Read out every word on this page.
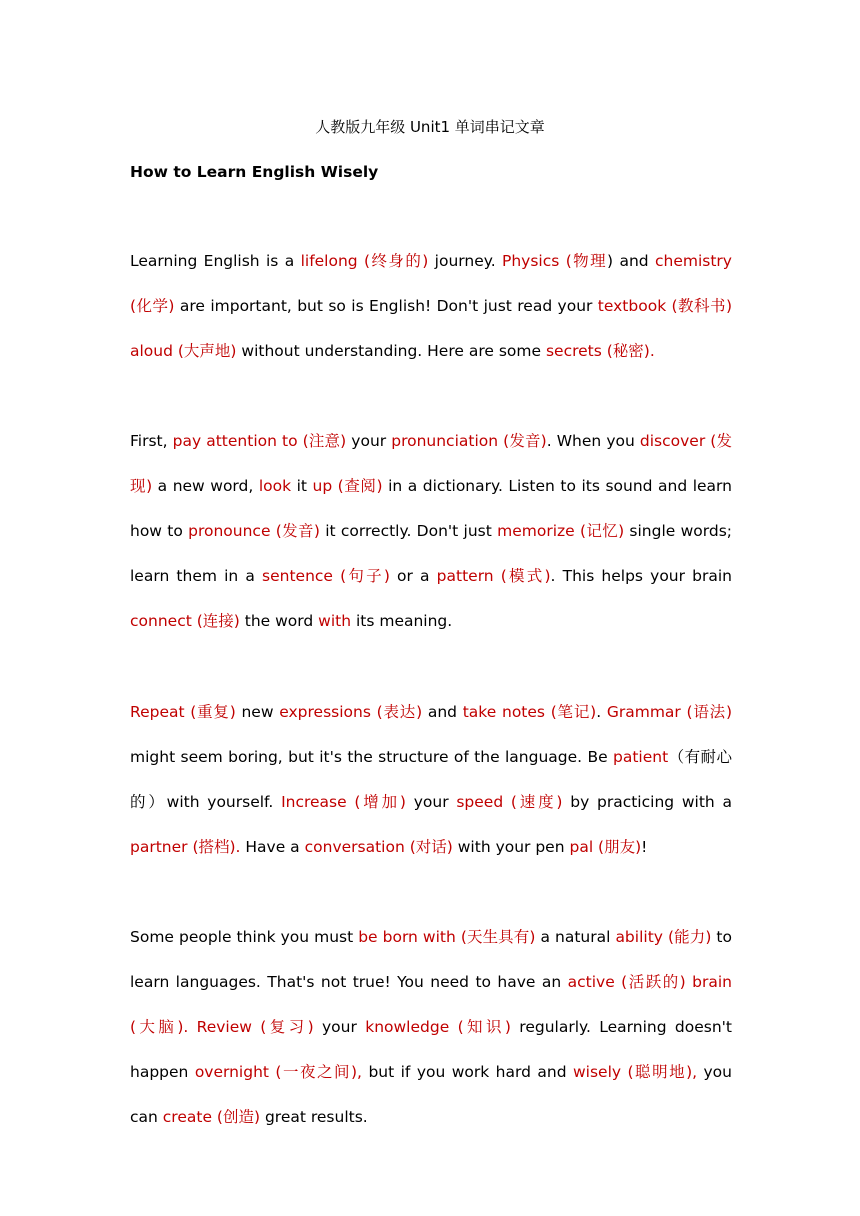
人教版九年级 Unit1 单词串记文章
How to Learn English Wisely
Learning English is a lifelong (终身的) journey. Physics (物理) and chemistry (化学) are important, but so is English! Don't just read your textbook (教科书) aloud (大声地) without understanding. Here are some secrets (秘密).
First, pay attention to (注意) your pronunciation (发音). When you discover (发现) a new word, look it up (查阅) in a dictionary. Listen to its sound and learn how to pronounce (发音) it correctly. Don't just memorize (记忆) single words; learn them in a sentence (句子) or a pattern (模式). This helps your brain connect (连接) the word with its meaning.
Repeat (重复) new expressions (表达) and take notes (笔记). Grammar (语法) might seem boring, but it's the structure of the language. Be patient（有耐心的）with yourself. Increase (增加) your speed (速度) by practicing with a partner (搭档). Have a conversation (对话) with your pen pal (朋友)!
Some people think you must be born with (天生具有) a natural ability (能力) to learn languages. That's not true! You need to have an active (活跃的) brain (大脑). Review (复习) your knowledge (知识) regularly. Learning doesn't happen overnight (一夜之间), but if you work hard and wisely (聪明地), you can create (创造) great results.
